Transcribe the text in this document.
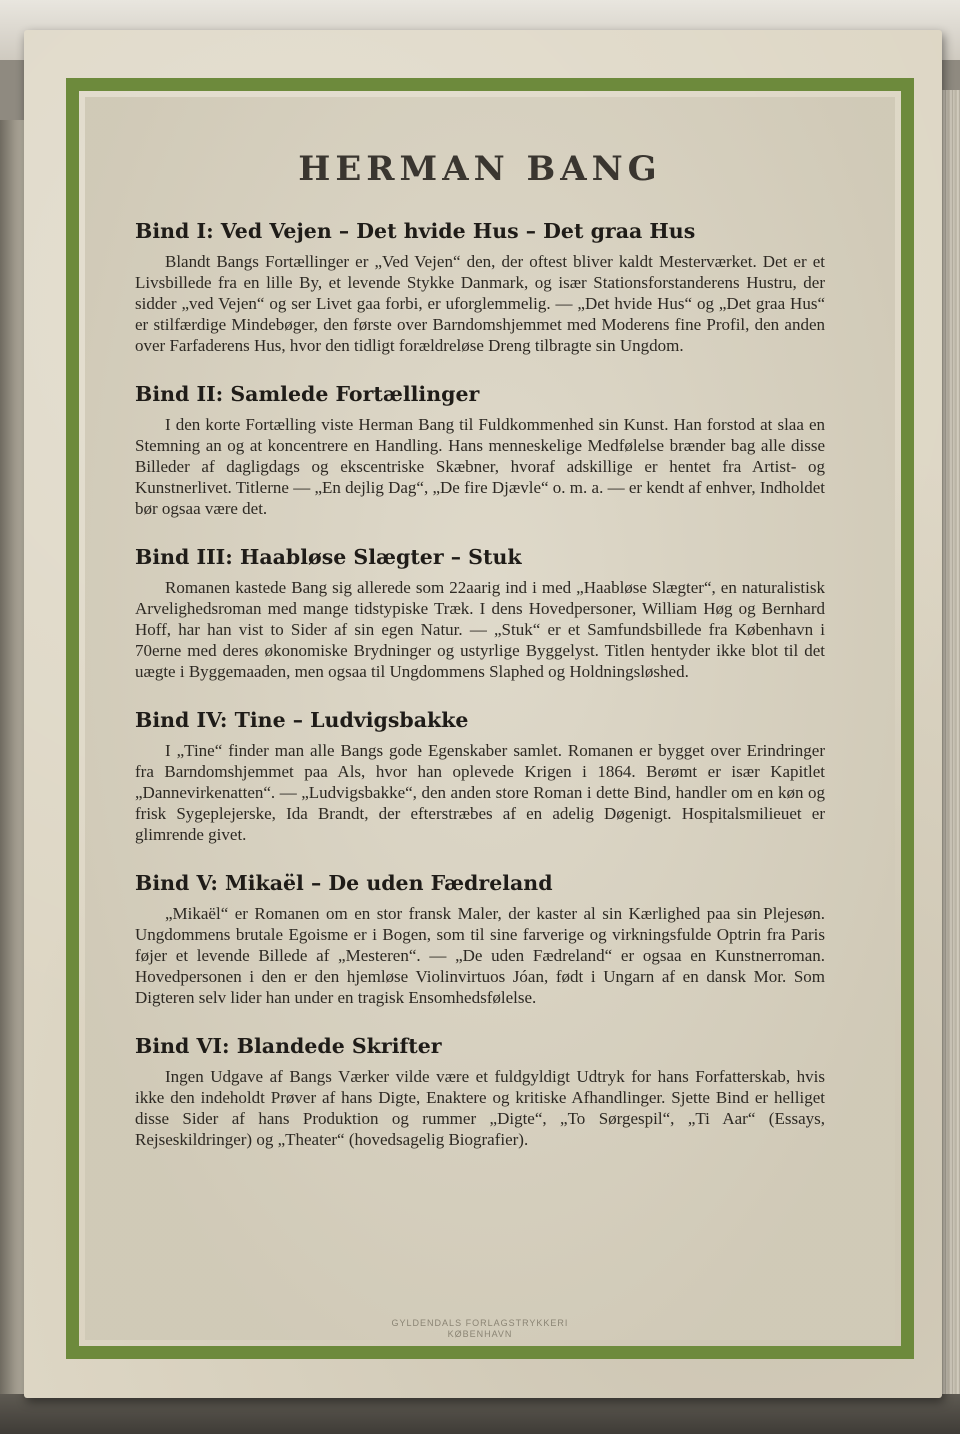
HERMAN BANG
Bind I: Ved Vejen – Det hvide Hus – Det graa Hus

Blandt Bangs Fortællinger er „Ved Vejen“ den, der oftest bliver kaldt Mesterværket. Det er et Livsbillede fra en lille By, et levende Stykke Danmark, og især Stationsforstanderens Hustru, der sidder „ved Vejen“ og ser Livet gaa forbi, er uforglemmelig. — „Det hvide Hus“ og „Det graa Hus“ er stilfærdige Mindebøger, den første over Barndomshjemmet med Moderens fine Profil, den anden over Farfaderens Hus, hvor den tidligt forældreløse Dreng tilbragte sin Ungdom.

Bind II: Samlede Fortællinger

I den korte Fortælling viste Herman Bang til Fuldkommenhed sin Kunst. Han forstod at slaa en Stemning an og at koncentrere en Handling. Hans menneskelige Medfølelse brænder bag alle disse Billeder af dagligdags og ekscentriske Skæbner, hvoraf adskillige er hentet fra Artist- og Kunstnerlivet. Titlerne — „En dejlig Dag“, „De fire Djævle“ o. m. a. — er kendt af enhver, Indholdet bør ogsaa være det.

Bind III: Haabløse Slægter – Stuk

Romanen kastede Bang sig allerede som 22aarig ind i med „Haabløse Slægter“, en naturalistisk Arvelighedsroman med mange tidstypiske Træk. I dens Hovedpersoner, William Høg og Bernhard Hoff, har han vist to Sider af sin egen Natur. — „Stuk“ er et Samfundsbillede fra København i 70erne med deres økonomiske Brydninger og ustyrlige Byggelyst. Titlen hentyder ikke blot til det uægte i Byggemaaden, men ogsaa til Ungdommens Slaphed og Holdningsløshed.

Bind IV: Tine – Ludvigsbakke

I „Tine“ finder man alle Bangs gode Egenskaber samlet. Romanen er bygget over Erindringer fra Barndomshjemmet paa Als, hvor han oplevede Krigen i 1864. Berømt er især Kapitlet „Dannevirkenatten“. — „Ludvigsbakke“, den anden store Roman i dette Bind, handler om en køn og frisk Sygeplejerske, Ida Brandt, der efterstræbes af en adelig Døgenigt. Hospitalsmilieuet er glimrende givet.

Bind V: Mikaël – De uden Fædreland

„Mikaël“ er Romanen om en stor fransk Maler, der kaster al sin Kærlighed paa sin Plejesøn. Ungdommens brutale Egoisme er i Bogen, som til sine farverige og virkningsfulde Optrin fra Paris føjer et levende Billede af „Mesteren“. — „De uden Fædreland“ er ogsaa en Kunstnerroman. Hovedpersonen i den er den hjemløse Violinvirtuos Jóan, født i Ungarn af en dansk Mor. Som Digteren selv lider han under en tragisk Ensomhedsfølelse.

Bind VI: Blandede Skrifter

Ingen Udgave af Bangs Værker vilde være et fuldgyldigt Udtryk for hans Forfatterskab, hvis ikke den indeholdt Prøver af hans Digte, Enaktere og kritiske Afhandlinger. Sjette Bind er helliget disse Sider af hans Produktion og rummer „Digte“, „To Sørgespil“, „Ti Aar“ (Essays, Rejseskildringer) og „Theater“ (hovedsagelig Biografier).

GYLDENDALS FORLAGSTRYKKERI
KØBENHAVN
